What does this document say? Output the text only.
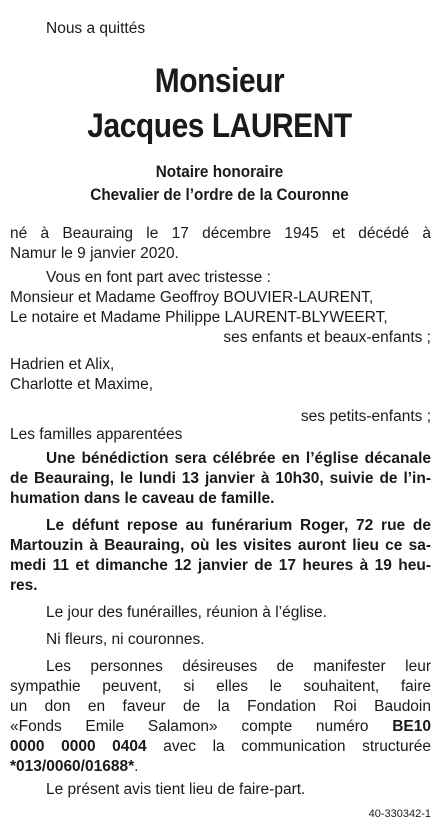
Nous a quittés
Monsieur
Jacques LAURENT
Notaire honoraire
Chevalier de l’ordre de la Couronne
né à Beauraing le 17 décembre 1945 et décédé à
Namur le 9 janvier 2020.
Vous en font part avec tristesse :
Monsieur et Madame Geoffroy BOUVIER-LAURENT,
Le notaire et Madame Philippe LAURENT-BLYWEERT,
ses enfants et beaux-enfants ;
Hadrien et Alix,
Charlotte et Maxime,
ses petits-enfants ;
Les familles apparentées
Une bénédiction sera célébrée en l’église décanale
de Beauraing, le lundi 13 janvier à 10h30, suivie de l’in-
humation dans le caveau de famille.
Le défunt repose au funérarium Roger, 72 rue de
Martouzin à Beauraing, où les visites auront lieu ce sa-
medi 11 et dimanche 12 janvier de 17 heures à 19 heu-
res.
Le jour des funérailles, réunion à l’église.
Ni fleurs, ni couronnes.
Les personnes désireuses de manifester leur
sympathie peuvent, si elles le souhaitent, faire
un don en faveur de la Fondation Roi Baudoin
«Fonds Emile Salamon» compte numéro BE10
0000 0000 0404 avec la communication structurée
*013/0060/01688*.
Le présent avis tient lieu de faire-part.
40-330342-1
